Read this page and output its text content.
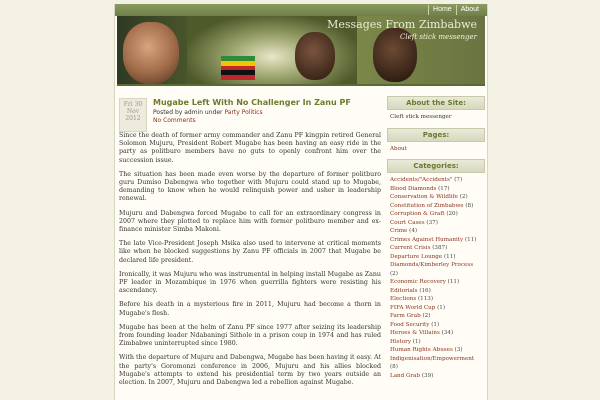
Home	About
Messages From Zimbabwe
Cleft stick messenger
Fri 30
Nov
2012
Mugabe Left With No Challenger In Zanu PF
Posted by admin under Party Politics
No Comments

Since the death of former army commander and Zanu PF kingpin retired General Solomon Mujuru, President Robert Mugabe has been having an easy ride in the party as politburo members have no guts to openly confront him over the succession issue.

The situation has been made even worse by the departure of former politburo guru Dumiso Dabengwa who together with Mujuru could stand up to Mugabe, demanding to know when he would relinquish power and usher in leadership renewal.

Mujuru and Dabengwa forced Mugabe to call for an extraordinary congress in 2007 where they plotted to replace him with former politburo member and ex-finance minister Simba Makoni.

The late Vice-President Joseph Msika also used to intervene at critical moments like when he blocked suggestions by Zanu PF officials in 2007 that Mugabe be declared life president.

Ironically, it was Mujuru who was instrumental in helping install Mugabe as Zanu PF leader in Mozambique in 1976 when guerrilla fighters were resisting his ascendancy.

Before his death in a mysterious fire in 2011, Mujuru had become a thorn in Mugabe's flesh.

Mugabe has been at the helm of Zanu PF since 1977 after seizing its leadership from founding leader Ndabaningi Sithole in a prison coup in 1974 and has ruled Zimbabwe uninterrupted since 1980.

With the departure of Mujuru and Dabengwa, Mugabe has been having it easy. At the party's Goromonzi conference in 2006, Mujuru and his allies blocked Mugabe's attempts to extend his presidential term by two years outside an election. In 2007, Mujuru and Dabengwa led a rebellion against Mugabe.

About the Site:
Cleft stick messenger
Pages:
About
Categories:
Accidents/"Accidents" (7)
Blood Diamonds (17)
Conservation & Wildlife (2)
Constitution of Zimbabwe (8)
Corruption & Graft (20)
Court Cases (37)
Crime (4)
Crimes Against Humanity (11)
Current Crisis (387)
Departure Lounge (11)
Diamonds/Kimberley Process (2)
Economic Recovery (11)
Editorials (16)
Elections (113)
FIFA World Cup (1)
Farm Grab (2)
Food Security (1)
Heroes & Villains (34)
History (1)
Human Rights Abuses (3)
Indigenisation/Empowerment (8)
Land Grab (39)
